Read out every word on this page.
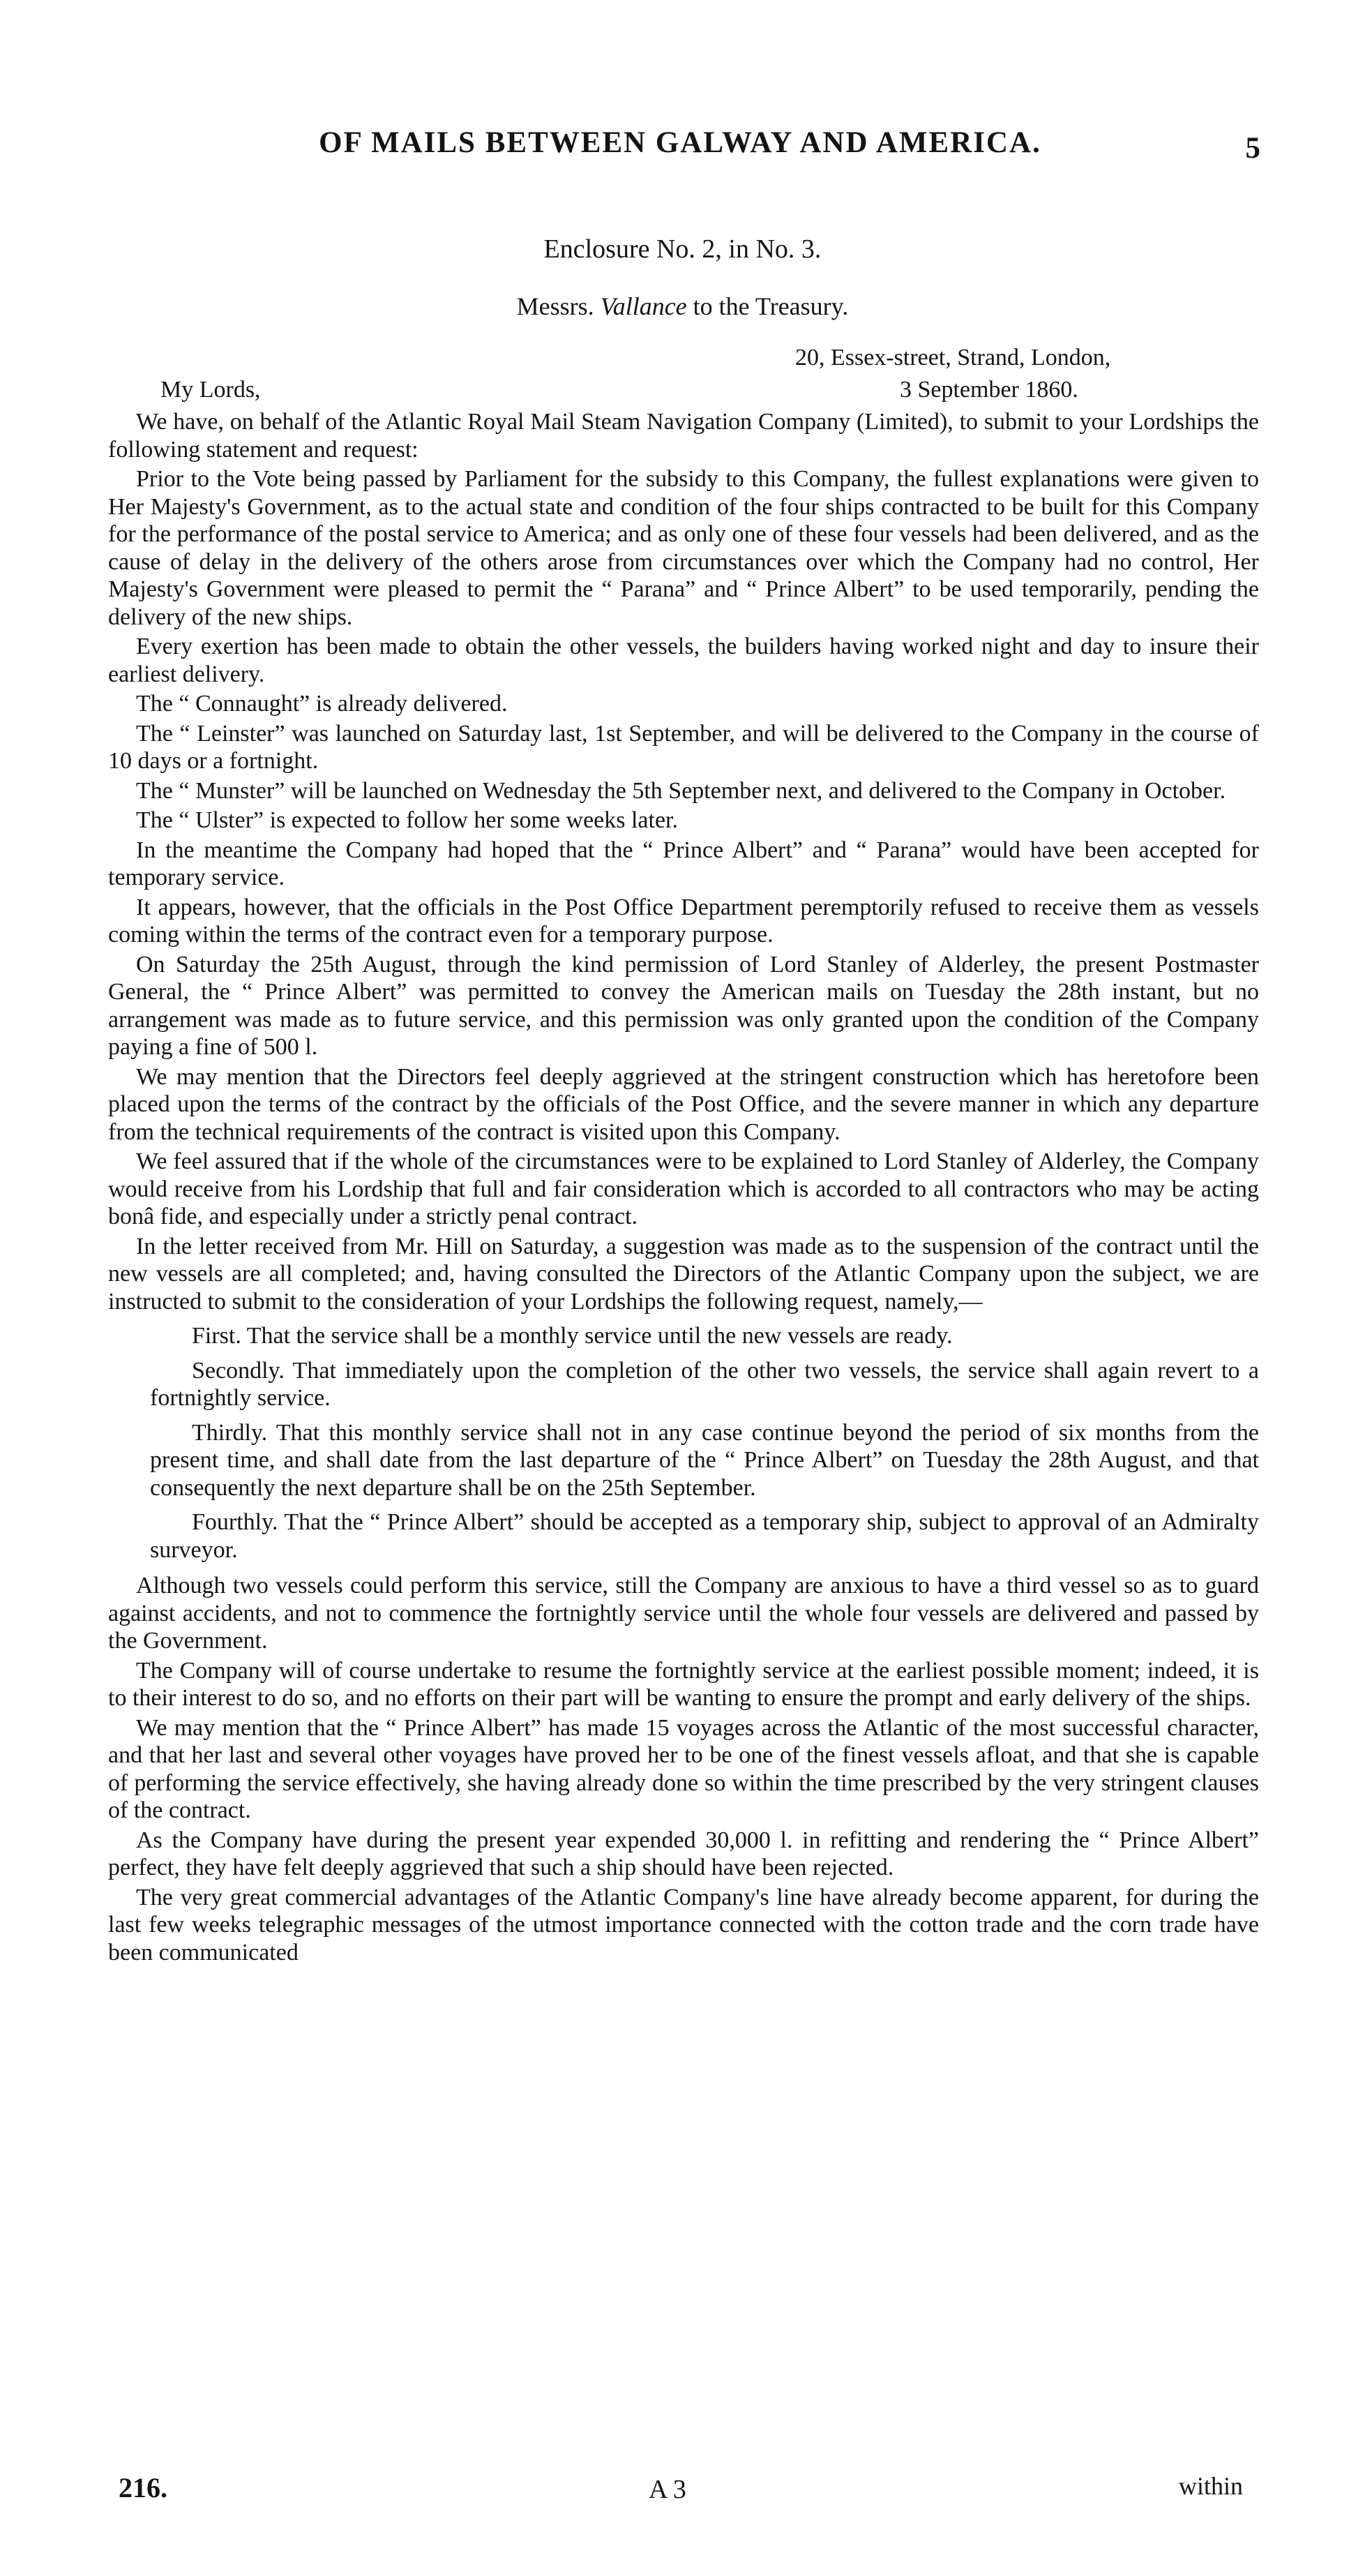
OF MAILS BETWEEN GALWAY AND AMERICA.	5
Enclosure No. 2, in No. 3.
Messrs. Vallance to the Treasury.
20, Essex-street, Strand, London,
My Lords,	3 September 1860.

We have, on behalf of the Atlantic Royal Mail Steam Navigation Company (Limited), to submit to your Lordships the following statement and request:

Prior to the Vote being passed by Parliament for the subsidy to this Company, the fullest explanations were given to Her Majesty's Government, as to the actual state and condition of the four ships contracted to be built for this Company for the performance of the postal service to America; and as only one of these four vessels had been delivered, and as the cause of delay in the delivery of the others arose from circumstances over which the Company had no control, Her Majesty's Government were pleased to permit the “ Parana” and “ Prince Albert” to be used temporarily, pending the delivery of the new ships.

Every exertion has been made to obtain the other vessels, the builders having worked night and day to insure their earliest delivery.

The “ Connaught” is already delivered.

The “ Leinster” was launched on Saturday last, 1st September, and will be delivered to the Company in the course of 10 days or a fortnight.

The “ Munster” will be launched on Wednesday the 5th September next, and delivered to the Company in October.

The “ Ulster” is expected to follow her some weeks later.

In the meantime the Company had hoped that the “ Prince Albert” and “ Parana” would have been accepted for temporary service.

It appears, however, that the officials in the Post Office Department peremptorily refused to receive them as vessels coming within the terms of the contract even for a temporary purpose.

On Saturday the 25th August, through the kind permission of Lord Stanley of Alderley, the present Postmaster General, the “ Prince Albert” was permitted to convey the American mails on Tuesday the 28th instant, but no arrangement was made as to future service, and this permission was only granted upon the condition of the Company paying a fine of 500 l.

We may mention that the Directors feel deeply aggrieved at the stringent construction which has heretofore been placed upon the terms of the contract by the officials of the Post Office, and the severe manner in which any departure from the technical requirements of the contract is visited upon this Company.

We feel assured that if the whole of the circumstances were to be explained to Lord Stanley of Alderley, the Company would receive from his Lordship that full and fair consideration which is accorded to all contractors who may be acting bonâ fide, and especially under a strictly penal contract.

In the letter received from Mr. Hill on Saturday, a suggestion was made as to the suspension of the contract until the new vessels are all completed; and, having consulted the Directors of the Atlantic Company upon the subject, we are instructed to submit to the consideration of your Lordships the following request, namely,—

First. That the service shall be a monthly service until the new vessels are ready.

Secondly. That immediately upon the completion of the other two vessels, the service shall again revert to a fortnightly service.

Thirdly. That this monthly service shall not in any case continue beyond the period of six months from the present time, and shall date from the last departure of the “ Prince Albert” on Tuesday the 28th August, and that consequently the next departure shall be on the 25th September.

Fourthly. That the “ Prince Albert” should be accepted as a temporary ship, subject to approval of an Admiralty surveyor.

Although two vessels could perform this service, still the Company are anxious to have a third vessel so as to guard against accidents, and not to commence the fortnightly service until the whole four vessels are delivered and passed by the Government.

The Company will of course undertake to resume the fortnightly service at the earliest possible moment; indeed, it is to their interest to do so, and no efforts on their part will be wanting to ensure the prompt and early delivery of the ships.

We may mention that the “ Prince Albert” has made 15 voyages across the Atlantic of the most successful character, and that her last and several other voyages have proved her to be one of the finest vessels afloat, and that she is capable of performing the service effectively, she having already done so within the time prescribed by the very stringent clauses of the contract.

As the Company have during the present year expended 30,000 l. in refitting and rendering the “ Prince Albert” perfect, they have felt deeply aggrieved that such a ship should have been rejected.

The very great commercial advantages of the Atlantic Company's line have already become apparent, for during the last few weeks telegraphic messages of the utmost importance connected with the cotton trade and the corn trade have been communicated

216.	A 3	within
